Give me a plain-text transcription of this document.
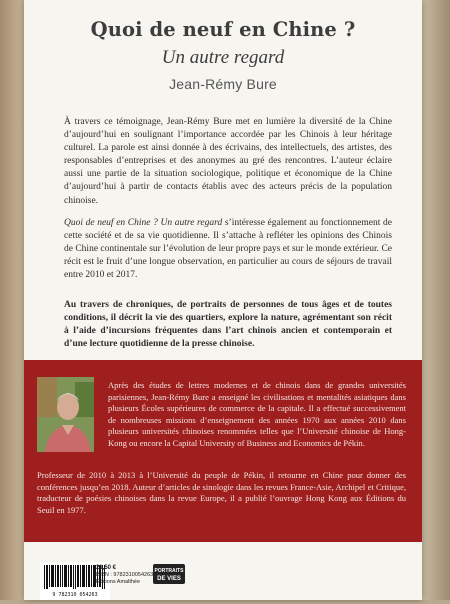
Quoi de neuf en Chine ?
Un autre regard
Jean-Rémy Bure

À travers ce témoignage, Jean-Rémy Bure met en lumière la diversité de la Chine d’aujourd’hui en soulignant l’importance accordée par les Chinois à leur héritage culturel. La parole est ainsi donnée à des écrivains, des intellectuels, des artistes, des responsables d’entreprises et des anonymes au gré des rencontres. L’auteur éclaire aussi une partie de la situation sociologique, politique et économique de la Chine d’aujourd’hui à partir de contacts établis avec des acteurs précis de la population chinoise.

Quoi de neuf en Chine ? Un autre regard s’intéresse également au fonctionnement de cette société et de sa vie quotidienne. Il s’attache à refléter les opinions des Chinois de Chine continentale sur l’évolution de leur propre pays et sur le monde extérieur. Ce récit est le fruit d’une longue observation, en particulier au cours de séjours de travail entre 2010 et 2017.

Au travers de chroniques, de portraits de personnes de tous âges et de toutes conditions, il décrit la vie des quartiers, explore la nature, agrémentant son récit à l’aide d’incursions fréquentes dans l’art chinois ancien et contemporain et d’une lecture quotidienne de la presse chinoise.

Après des études de lettres modernes et de chinois dans de grandes universités parisiennes, Jean-Rémy Bure a enseigné les civilisations et mentalités asiatiques dans plusieurs Écoles supérieures de commerce de la capitale. Il a effectué successivement de nombreuses missions d’enseignement des années 1970 aux années 2010 dans plusieurs universités chinoises renommées telles que l’Université chinoise de Hong-Kong ou encore la Capital University of Business and Economics de Pékin.

Professeur de 2010 à 2013 à l’Université du peuple de Pékin, il retourne en Chine pour donner des conférences jusqu’en 2018. Auteur d’articles de sinologie dans les revues France-Asie, Archipel et Critique, traducteur de poésies chinoises dans la revue Europe, il a publié l’ouvrage Hong Kong aux Éditions du Seuil en 1977.

9 782310 054263
21,50 €
ISBN : 9782310054263
Éditions Amalthée
PORTRAITS
DE VIES
